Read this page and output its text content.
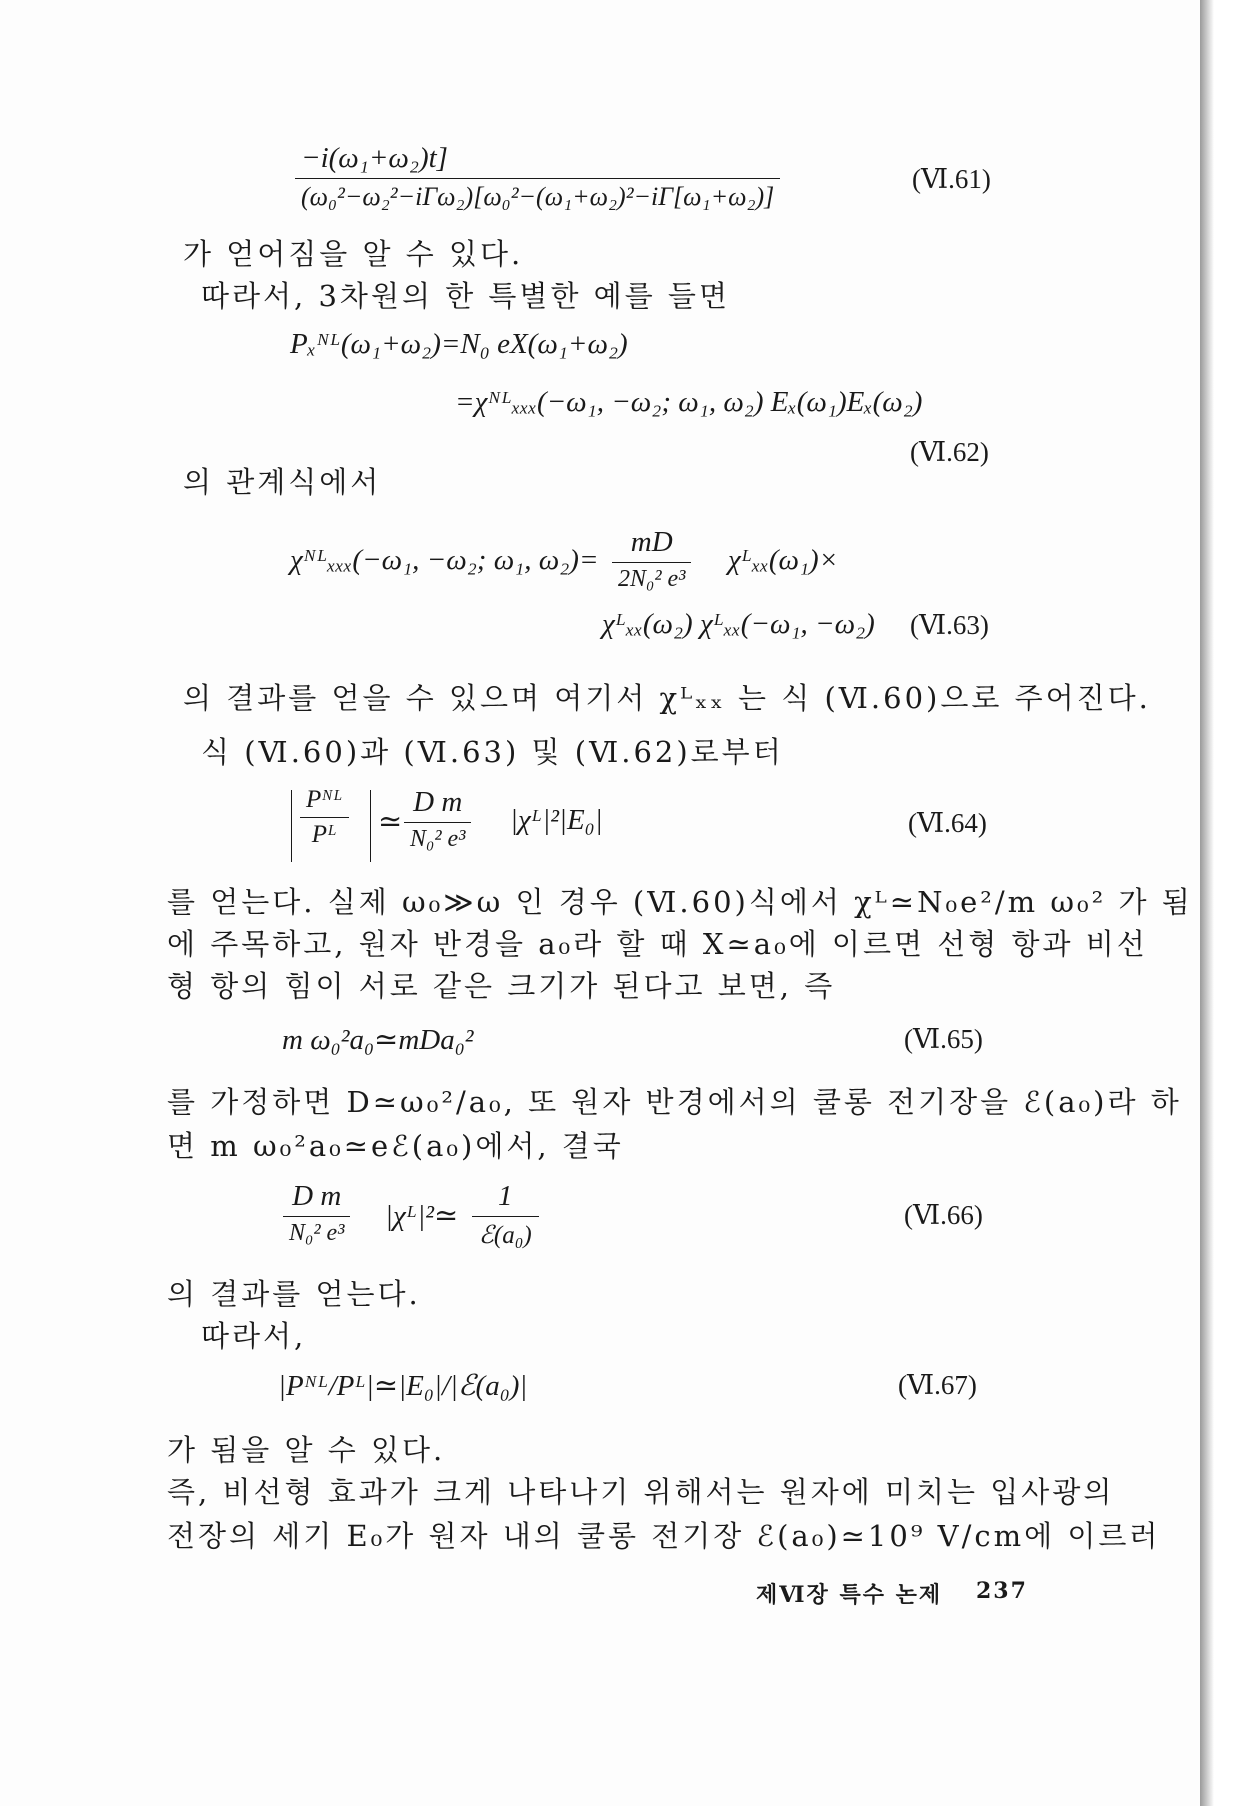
−i(ω₁+ω₂)t]
(ω₀²−ω₂²−iΓω₂)[ω₀²−(ω₁+ω₂)²−iΓ[ω₁+ω₂)]
(Ⅵ.61)
가 얻어짐을 알 수 있다.
따라서, 3차원의 한 특별한 예를 들면
Pₓᴺᴸ(ω₁+ω₂)=N₀ eX(ω₁+ω₂)
=χᴺᴸₓₓₓ(−ω₁, −ω₂; ω₁, ω₂) Eₓ(ω₁)Eₓ(ω₂)
(Ⅵ.62)
의 관계식에서
χᴺᴸₓₓₓ(−ω₁, −ω₂; ω₁, ω₂)=
mD
2N₀² e³
χᴸₓₓ(ω₁)×
χᴸₓₓ(ω₂) χᴸₓₓ(−ω₁, −ω₂) (Ⅵ.63)
의 결과를 얻을 수 있으며 여기서 χᴸₓₓ 는 식 (Ⅵ.60)으로 주어진다.
식 (Ⅵ.60)과 (Ⅵ.63) 및 (Ⅵ.62)로부터
Pᴺᴸ
Pᴸ	≃
D m
N₀² e³
|χᴸ|²|E₀|	(Ⅵ.64)
를 얻는다. 실제 ω₀≫ω 인 경우 (Ⅵ.60)식에서 χᴸ≃N₀e²/m ω₀² 가 됨
에 주목하고, 원자 반경을 a₀라 할 때 X≃a₀에 이르면 선형 항과 비선
형 항의 힘이 서로 같은 크기가 된다고 보면, 즉
m ω₀²a₀≃mDa₀²	(Ⅵ.65)
를 가정하면 D≃ω₀²/a₀, 또 원자 반경에서의 쿨롱 전기장을 ℰ(a₀)라 하
면 m ω₀²a₀≃eℰ(a₀)에서, 결국
D m
N₀² e³
|χᴸ|²≃
1
ℰ(a₀)
(Ⅵ.66)
의 결과를 얻는다.
따라서,
|Pᴺᴸ/Pᴸ|≃|E₀|/|ℰ(a₀)|	(Ⅵ.67)
가 됨을 알 수 있다.
즉, 비선형 효과가 크게 나타나기 위해서는 원자에 미치는 입사광의
전장의 세기 E₀가 원자 내의 쿨롱 전기장 ℰ(a₀)≃10⁹ V/cm에 이르러
제Ⅵ장 특수 논제 237
